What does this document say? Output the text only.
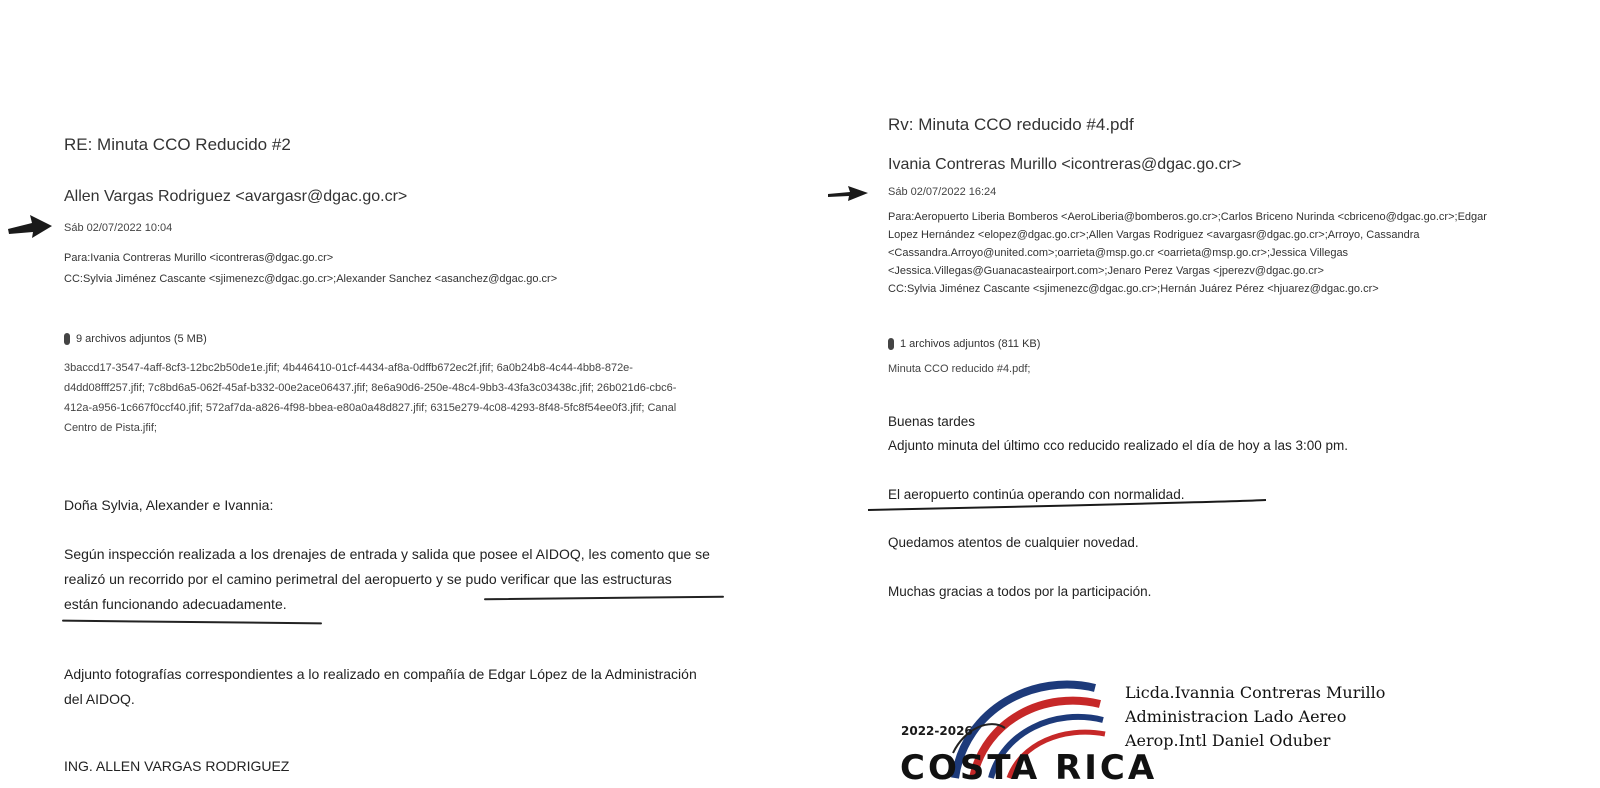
RE: Minuta CCO Reducido #2
Allen Vargas Rodriguez <avargasr@dgac.go.cr>
Sáb 02/07/2022 10:04
Para:Ivania Contreras Murillo <icontreras@dgac.go.cr>
CC:Sylvia Jiménez Cascante <sjimenezc@dgac.go.cr>;Alexander Sanchez <asanchez@dgac.go.cr>
9 archivos adjuntos (5 MB)
3baccd17-3547-4aff-8cf3-12bc2b50de1e.jfif; 4b446410-01cf-4434-af8a-0dffb672ec2f.jfif; 6a0b24b8-4c44-4bb8-872e-
d4dd08fff257.jfif; 7c8bd6a5-062f-45af-b332-00e2ace06437.jfif; 8e6a90d6-250e-48c4-9bb3-43fa3c03438c.jfif; 26b021d6-cbc6-
412a-a956-1c667f0ccf40.jfif; 572af7da-a826-4f98-bbea-e80a0a48d827.jfif; 6315e279-4c08-4293-8f48-5fc8f54ee0f3.jfif; Canal
Centro de Pista.jfif;
Doña Sylvia, Alexander e Ivannia:
Según inspección realizada a los drenajes de entrada y salida que posee el AIDOQ, les comento que se
realizó un recorrido por el camino perimetral del aeropuerto y se pudo verificar que las estructuras
están funcionando adecuadamente.
Adjunto fotografías correspondientes a lo realizado en compañía de Edgar López de la Administración
del AIDOQ.
ING. ALLEN VARGAS RODRIGUEZ
Rv: Minuta CCO reducido #4.pdf
Ivania Contreras Murillo <icontreras@dgac.go.cr>
Sáb 02/07/2022 16:24
Para:Aeropuerto Liberia Bomberos <AeroLiberia@bomberos.go.cr>;Carlos Briceno Nurinda <cbriceno@dgac.go.cr>;Edgar
Lopez Hernández <elopez@dgac.go.cr>;Allen Vargas Rodriguez <avargasr@dgac.go.cr>;Arroyo, Cassandra
<Cassandra.Arroyo@united.com>;oarrieta@msp.go.cr <oarrieta@msp.go.cr>;Jessica Villegas
<Jessica.Villegas@Guanacasteairport.com>;Jenaro Perez Vargas <jperezv@dgac.go.cr>
CC:Sylvia Jiménez Cascante <sjimenezc@dgac.go.cr>;Hernán Juárez Pérez <hjuarez@dgac.go.cr>
1 archivos adjuntos (811 KB)
Minuta CCO reducido #4.pdf;
Buenas tardes
Adjunto minuta del último cco reducido realizado el día de hoy a las 3:00 pm.
El aeropuerto continúa operando con normalidad.
Quedamos atentos de cualquier novedad.
Muchas gracias a todos por la participación.
2022-2026
COSTA RICA
Licda.Ivannia Contreras Murillo
Administracion Lado Aereo
Aerop.Intl Daniel Oduber
